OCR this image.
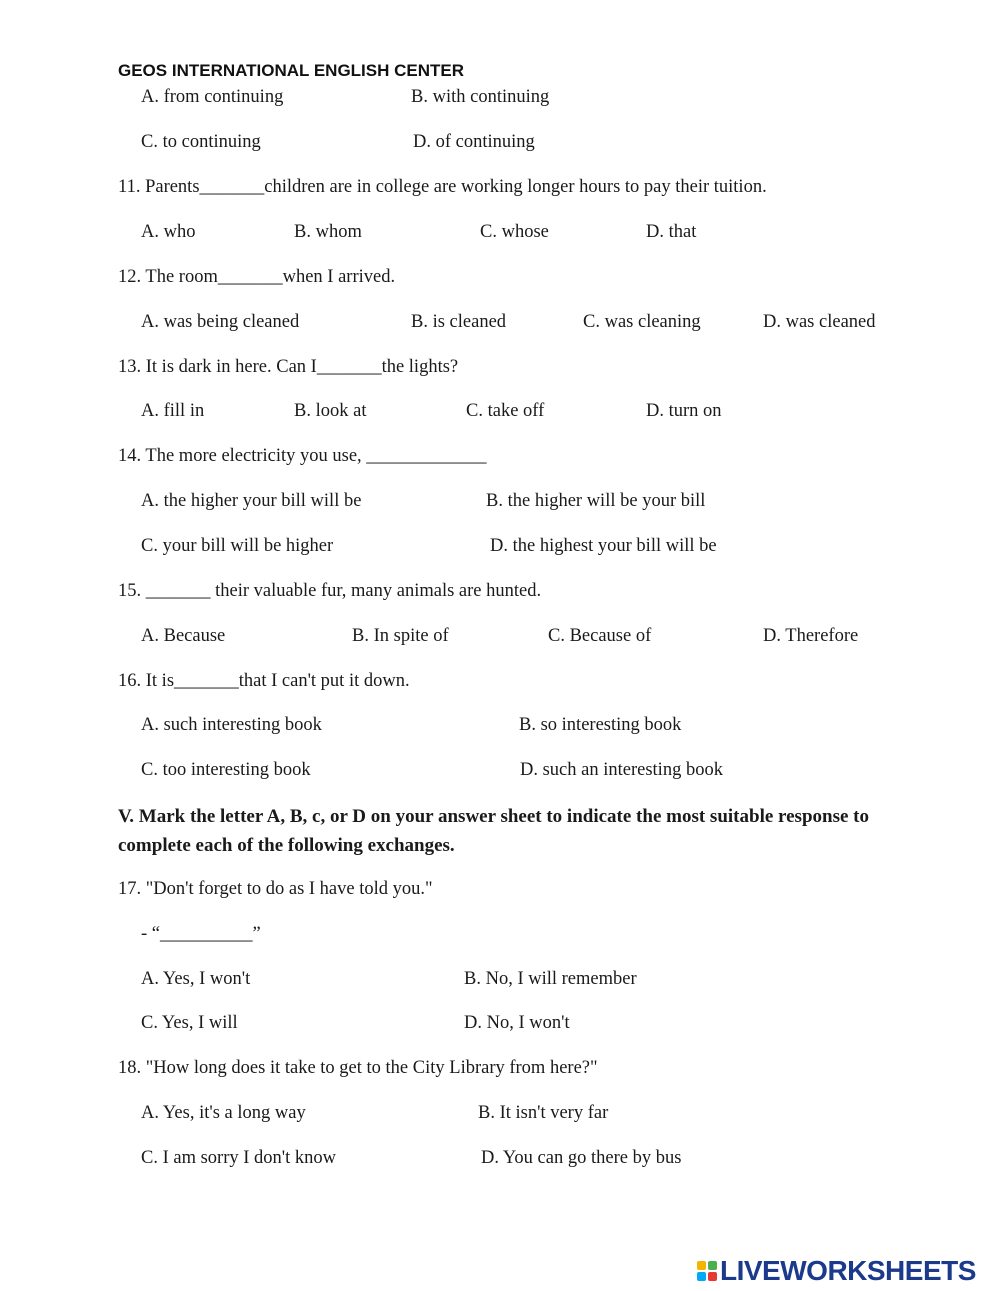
GEOS INTERNATIONAL ENGLISH CENTER
A. from continuing	B. with continuing
C. to continuing	D. of continuing
11. Parents_______children are in college are working longer hours to pay their tuition.
A. who	B. whom	C. whose	D. that
12. The room_______when I arrived.
A. was being cleaned	B. is cleaned	C. was cleaning	D. was cleaned
13. It is dark in here. Can I_______the lights?
A. fill in	B. look at	C. take off	D. turn on
14. The more electricity you use, _____________
A. the higher your bill will be	B. the higher will be your bill
C. your bill will be higher	D. the highest your bill will be
15. _______ their valuable fur, many animals are hunted.
A. Because	B. In spite of	C. Because of	D. Therefore
16. It is_______that I can't put it down.
A. such interesting book	B. so interesting book
C. too interesting book	D. such an interesting book
V. Mark the letter A, B, c, or D on your answer sheet to indicate the most suitable response to complete each of the following exchanges.
17. "Don't forget to do as I have told you."
- “__________”
A. Yes, I won't	B. No, I will remember
C. Yes, I will	D. No, I won't
18. "How long does it take to get to the City Library from here?"
A. Yes, it's a long way	B. It isn't very far
C. I am sorry I don't know	D. You can go there by bus
LIVEWORKSHEETS
